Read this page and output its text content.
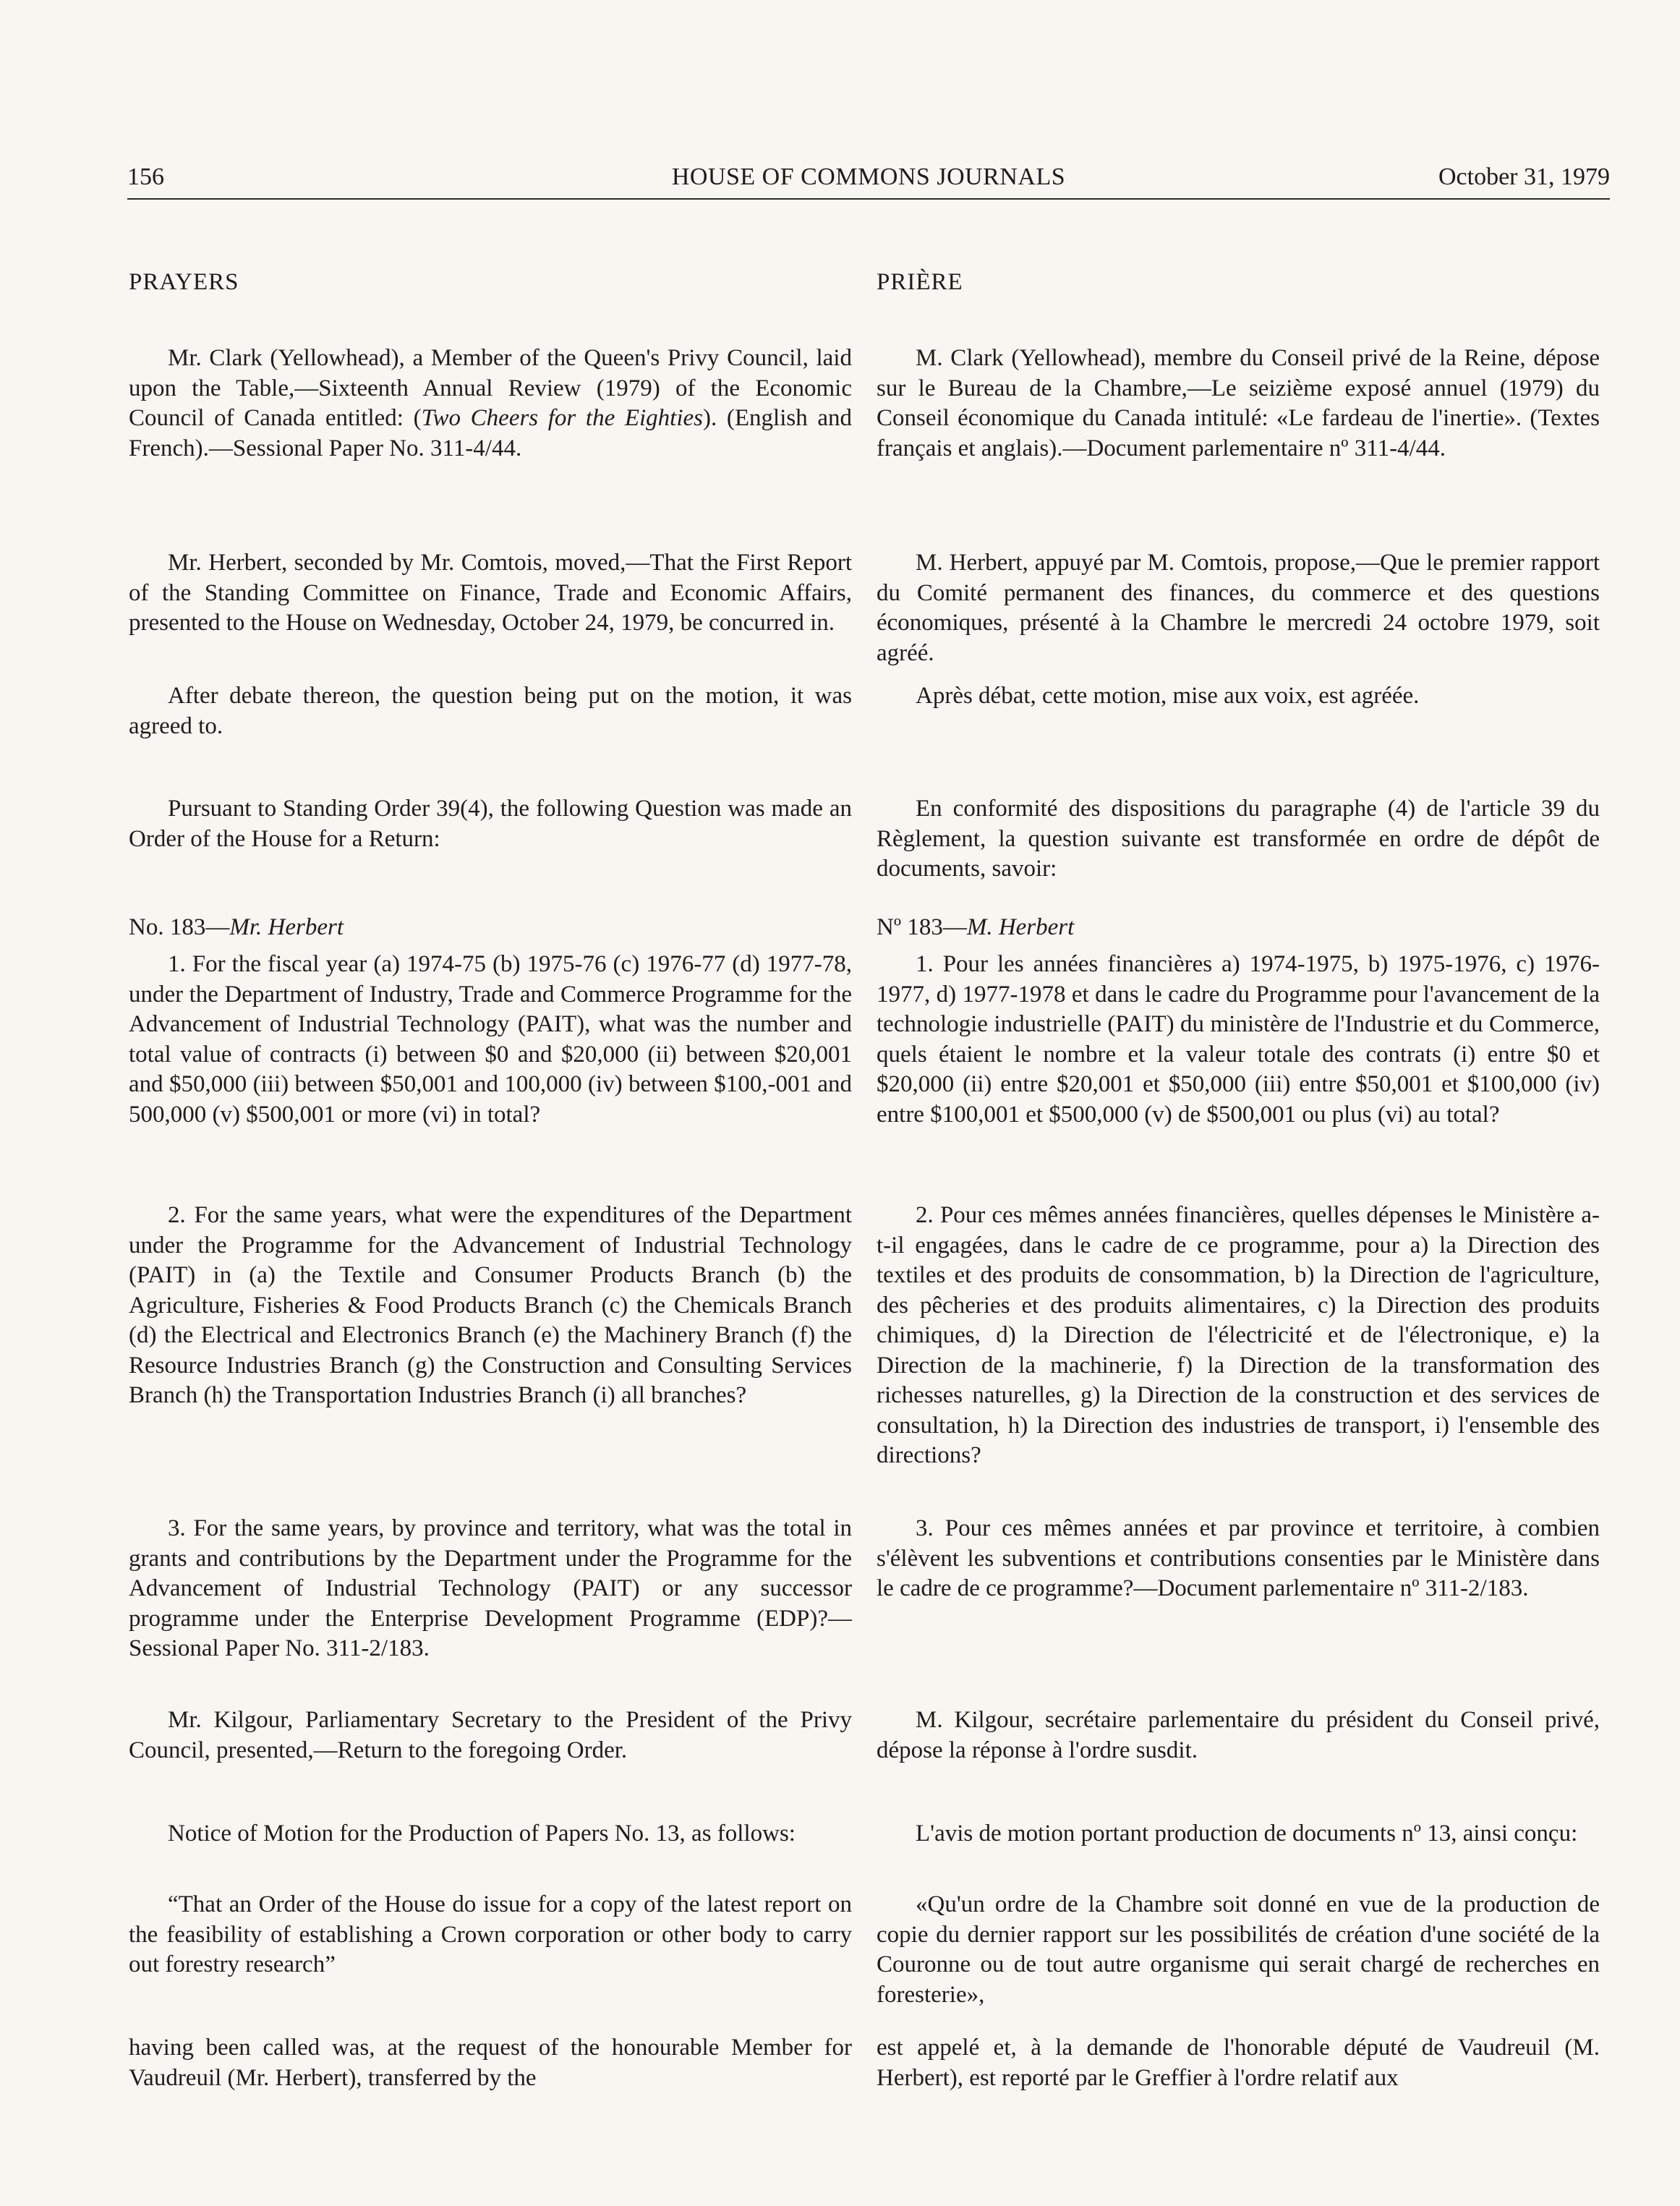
156	HOUSE OF COMMONS JOURNALS	October 31, 1979

PRAYERS

Mr. Clark (Yellowhead), a Member of the Queen's Privy Council, laid upon the Table,—Sixteenth Annual Review (1979) of the Economic Council of Canada entitled: (Two Cheers for the Eighties). (English and French).—Sessional Paper No. 311-4/44.

Mr. Herbert, seconded by Mr. Comtois, moved,—That the First Report of the Standing Committee on Finance, Trade and Economic Affairs, presented to the House on Wednesday, October 24, 1979, be concurred in.

After debate thereon, the question being put on the motion, it was agreed to.

Pursuant to Standing Order 39(4), the following Question was made an Order of the House for a Return:

No. 183—Mr. Herbert

1. For the fiscal year (a) 1974-75 (b) 1975-76 (c) 1976-77 (d) 1977-78, under the Department of Industry, Trade and Commerce Programme for the Advancement of Industrial Technology (PAIT), what was the number and total value of contracts (i) between $0 and $20,000 (ii) between $20,001 and $50,000 (iii) between $50,001 and 100,000 (iv) between $100,-001 and 500,000 (v) $500,001 or more (vi) in total?

2. For the same years, what were the expenditures of the Department under the Programme for the Advancement of Industrial Technology (PAIT) in (a) the Textile and Consumer Products Branch (b) the Agriculture, Fisheries & Food Products Branch (c) the Chemicals Branch (d) the Electrical and Electronics Branch (e) the Machinery Branch (f) the Resource Industries Branch (g) the Construction and Consulting Services Branch (h) the Transportation Industries Branch (i) all branches?

3. For the same years, by province and territory, what was the total in grants and contributions by the Department under the Programme for the Advancement of Industrial Technology (PAIT) or any successor programme under the Enterprise Development Programme (EDP)?—Sessional Paper No. 311-2/183.

Mr. Kilgour, Parliamentary Secretary to the President of the Privy Council, presented,—Return to the foregoing Order.

Notice of Motion for the Production of Papers No. 13, as follows:

“That an Order of the House do issue for a copy of the latest report on the feasibility of establishing a Crown corporation or other body to carry out forestry research”

having been called was, at the request of the honourable Member for Vaudreuil (Mr. Herbert), transferred by the

PRIÈRE

M. Clark (Yellowhead), membre du Conseil privé de la Reine, dépose sur le Bureau de la Chambre,—Le seizième exposé annuel (1979) du Conseil économique du Canada intitulé: «Le fardeau de l'inertie». (Textes français et anglais).—Document parlementaire nº 311-4/44.

M. Herbert, appuyé par M. Comtois, propose,—Que le premier rapport du Comité permanent des finances, du commerce et des questions économiques, présenté à la Chambre le mercredi 24 octobre 1979, soit agréé.

Après débat, cette motion, mise aux voix, est agréée.

En conformité des dispositions du paragraphe (4) de l'article 39 du Règlement, la question suivante est transformée en ordre de dépôt de documents, savoir:

Nº 183—M. Herbert

1. Pour les années financières a) 1974-1975, b) 1975-1976, c) 1976-1977, d) 1977-1978 et dans le cadre du Programme pour l'avancement de la technologie industrielle (PAIT) du ministère de l'Industrie et du Commerce, quels étaient le nombre et la valeur totale des contrats (i) entre $0 et $20,000 (ii) entre $20,001 et $50,000 (iii) entre $50,001 et $100,000 (iv) entre $100,001 et $500,000 (v) de $500,001 ou plus (vi) au total?

2. Pour ces mêmes années financières, quelles dépenses le Ministère a-t-il engagées, dans le cadre de ce programme, pour a) la Direction des textiles et des produits de consommation, b) la Direction de l'agriculture, des pêcheries et des produits alimentaires, c) la Direction des produits chimiques, d) la Direction de l'électricité et de l'électronique, e) la Direction de la machinerie, f) la Direction de la transformation des richesses naturelles, g) la Direction de la construction et des services de consultation, h) la Direction des industries de transport, i) l'ensemble des directions?

3. Pour ces mêmes années et par province et territoire, à combien s'élèvent les subventions et contributions consenties par le Ministère dans le cadre de ce programme?—Document parlementaire nº 311-2/183.

M. Kilgour, secrétaire parlementaire du président du Conseil privé, dépose la réponse à l'ordre susdit.

L'avis de motion portant production de documents nº 13, ainsi conçu:

«Qu'un ordre de la Chambre soit donné en vue de la production de copie du dernier rapport sur les possibilités de création d'une société de la Couronne ou de tout autre organisme qui serait chargé de recherches en foresterie»,

est appelé et, à la demande de l'honorable député de Vaudreuil (M. Herbert), est reporté par le Greffier à l'ordre relatif aux
